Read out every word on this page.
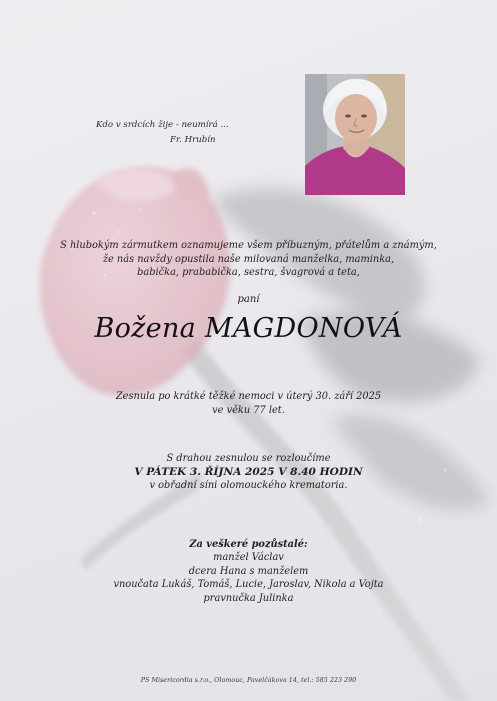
Kdo v srdcích žije - neumírá ...
Fr. Hrubín
S hlubokým zármutkem oznamujeme všem příbuzným, přátelům a známým,
že nás navždy opustila naše milovaná manželka, maminka,
babička, prababička, sestra, švagrová a teta,
paní
Božena MAGDONOVÁ
Zesnula po krátké těžké nemoci v úterý 30. září 2025
ve věku 77 let.
S drahou zesnulou se rozloučíme
V PÁTEK 3. ŘÍJNA 2025 V 8.40 HODIN
v obřadní síni olomouckého krematoria.
Za veškeré pozůstalé:
manžel Václav
dcera Hana s manželem
vnoučata Lukáš, Tomáš, Lucie, Jaroslav, Nikola a Vojta
pravnučka Julinka
PS Misericordia s.r.o., Olomouc, Pavelčákova 14, tel.: 585 223 290
